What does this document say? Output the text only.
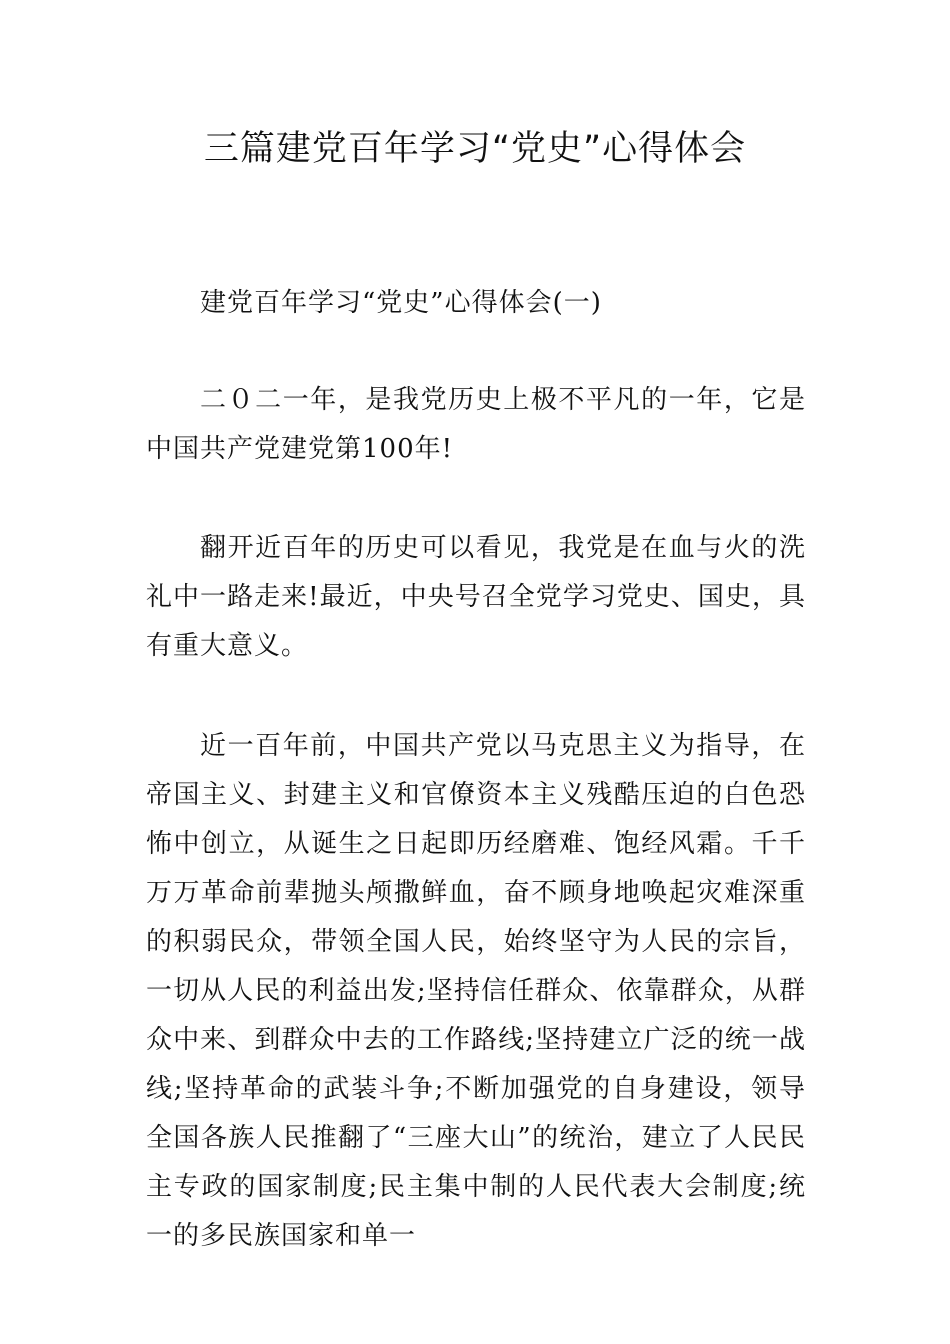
三篇建党百年学习“党史”心得体会

建党百年学习“党史”心得体会(一)

二０二一年，是我党历史上极不平凡的一年，它是中国共产党建党第100年!

翻开近百年的历史可以看见，我党是在血与火的洗礼中一路走来!最近，中央号召全党学习党史、国史，具有重大意义。

近一百年前，中国共产党以马克思主义为指导，在帝国主义、封建主义和官僚资本主义残酷压迫的白色恐怖中创立，从诞生之日起即历经磨难、饱经风霜。千千万万革命前辈抛头颅撒鲜血，奋不顾身地唤起灾难深重的积弱民众，带领全国人民，始终坚守为人民的宗旨，一切从人民的利益出发;坚持信任群众、依靠群众，从群众中来、到群众中去的工作路线;坚持建立广泛的统一战线;坚持革命的武装斗争;不断加强党的自身建设，领导全国各族人民推翻了“三座大山”的统治，建立了人民民主专政的国家制度;民主集中制的人民代表大会制度;统一的多民族国家和单一
